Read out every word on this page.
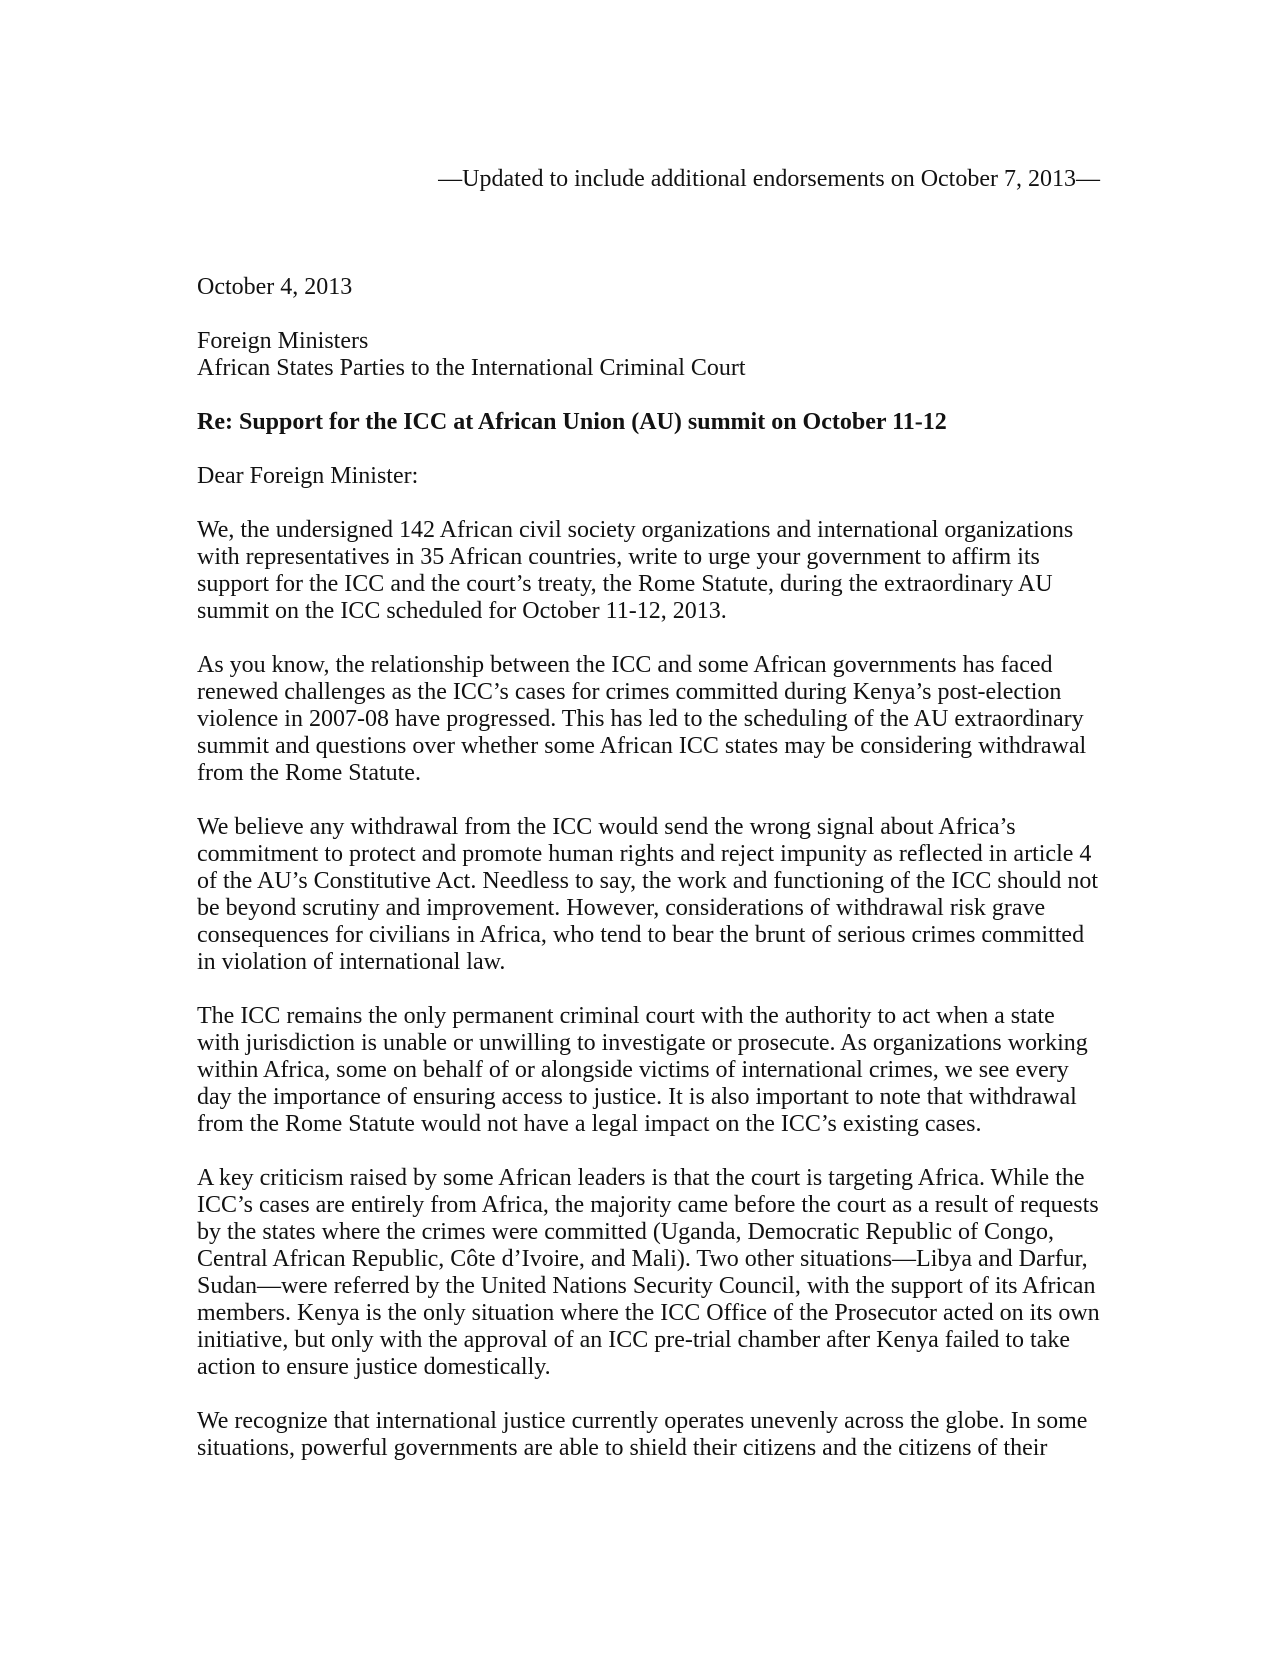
—Updated to include additional endorsements on October 7, 2013—
October 4, 2013
Foreign Ministers
African States Parties to the International Criminal Court
Re: Support for the ICC at African Union (AU) summit on October 11-12
Dear Foreign Minister:

We, the undersigned 142 African civil society organizations and international organizations with representatives in 35 African countries, write to urge your government to affirm its support for the ICC and the court’s treaty, the Rome Statute, during the extraordinary AU summit on the ICC scheduled for October 11-12, 2013.

As you know, the relationship between the ICC and some African governments has faced renewed challenges as the ICC’s cases for crimes committed during Kenya’s post-election violence in 2007-08 have progressed. This has led to the scheduling of the AU extraordinary summit and questions over whether some African ICC states may be considering withdrawal from the Rome Statute.

We believe any withdrawal from the ICC would send the wrong signal about Africa’s commitment to protect and promote human rights and reject impunity as reflected in article 4 of the AU’s Constitutive Act. Needless to say, the work and functioning of the ICC should not be beyond scrutiny and improvement. However, considerations of withdrawal risk grave consequences for civilians in Africa, who tend to bear the brunt of serious crimes committed in violation of international law.

The ICC remains the only permanent criminal court with the authority to act when a state with jurisdiction is unable or unwilling to investigate or prosecute. As organizations working within Africa, some on behalf of or alongside victims of international crimes, we see every day the importance of ensuring access to justice. It is also important to note that withdrawal from the Rome Statute would not have a legal impact on the ICC’s existing cases.

A key criticism raised by some African leaders is that the court is targeting Africa. While the ICC’s cases are entirely from Africa, the majority came before the court as a result of requests by the states where the crimes were committed (Uganda, Democratic Republic of Congo, Central African Republic, Côte d’Ivoire, and Mali). Two other situations—Libya and Darfur, Sudan—were referred by the United Nations Security Council, with the support of its African members. Kenya is the only situation where the ICC Office of the Prosecutor acted on its own initiative, but only with the approval of an ICC pre-trial chamber after Kenya failed to take action to ensure justice domestically.

We recognize that international justice currently operates unevenly across the globe. In some situations, powerful governments are able to shield their citizens and the citizens of their
